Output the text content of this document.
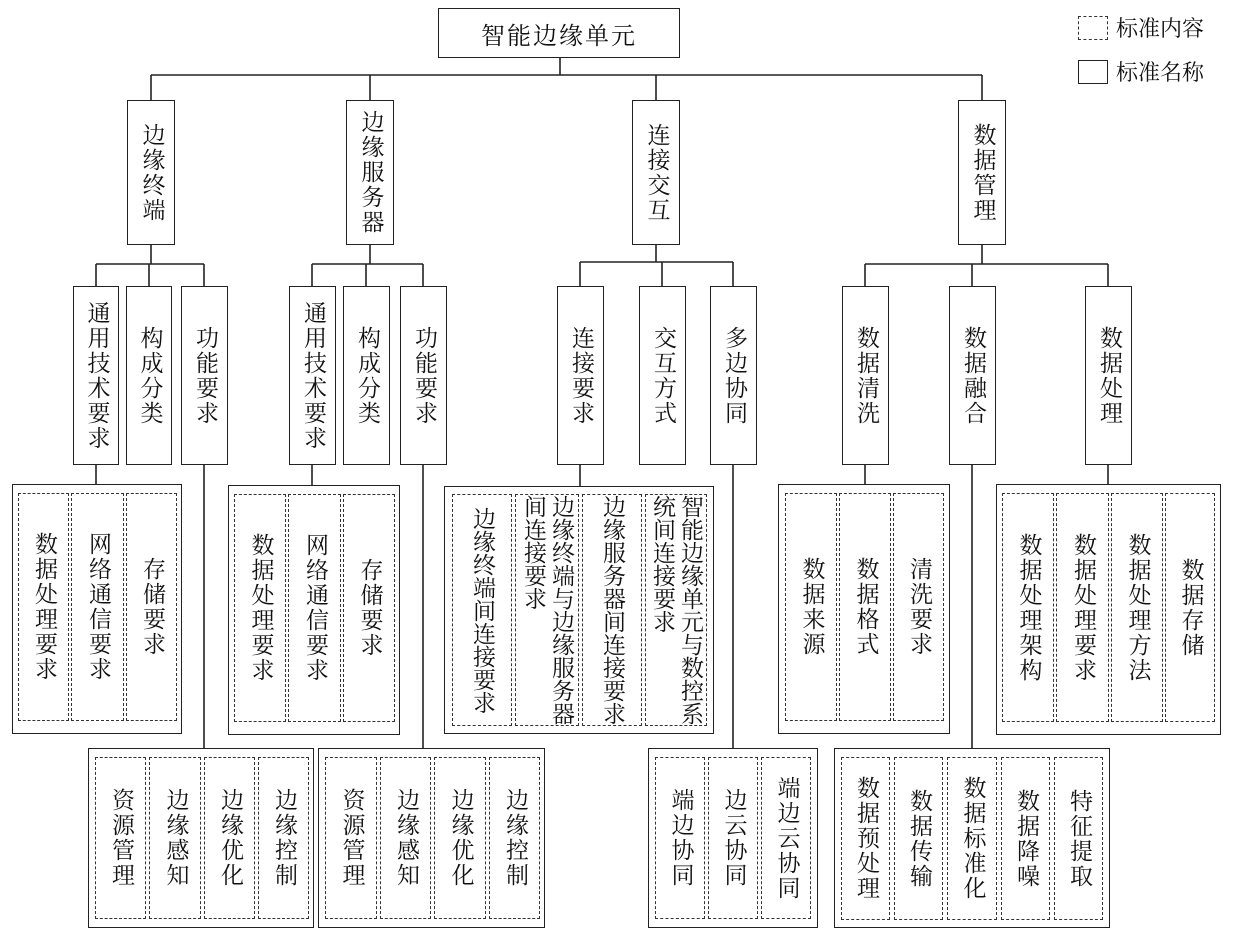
智能边缘单元	标准内容
标准名称
边缘终端	边缘服务器	连接交互	数据管理
通用技术要求 构成分类 功能要求	通用技术要求 构成分类 功能要求	连接要求 交互方式 多边协同	数据清洗	数据融合	数据处理
数据处理要求 网络通信要求 存储要求	数据处理要求 网络通信要求 存储要求	边缘终端间连接要求	边缘终端与边缘服务器间连接要求	边缘服务器间连接要求	智能边缘单元与数控系统间连接要求	数据来源 数据格式 清洗要求	数据处理架构 数据处理要求 数据处理方法 数据存储
资源管理 边缘感知 边缘优化 边缘控制 资源管理 边缘感知 边缘优化 边缘控制	端边协同 边云协同 端边云协同 数据预处理 数据传输 数据标准化 数据降噪 特征提取
